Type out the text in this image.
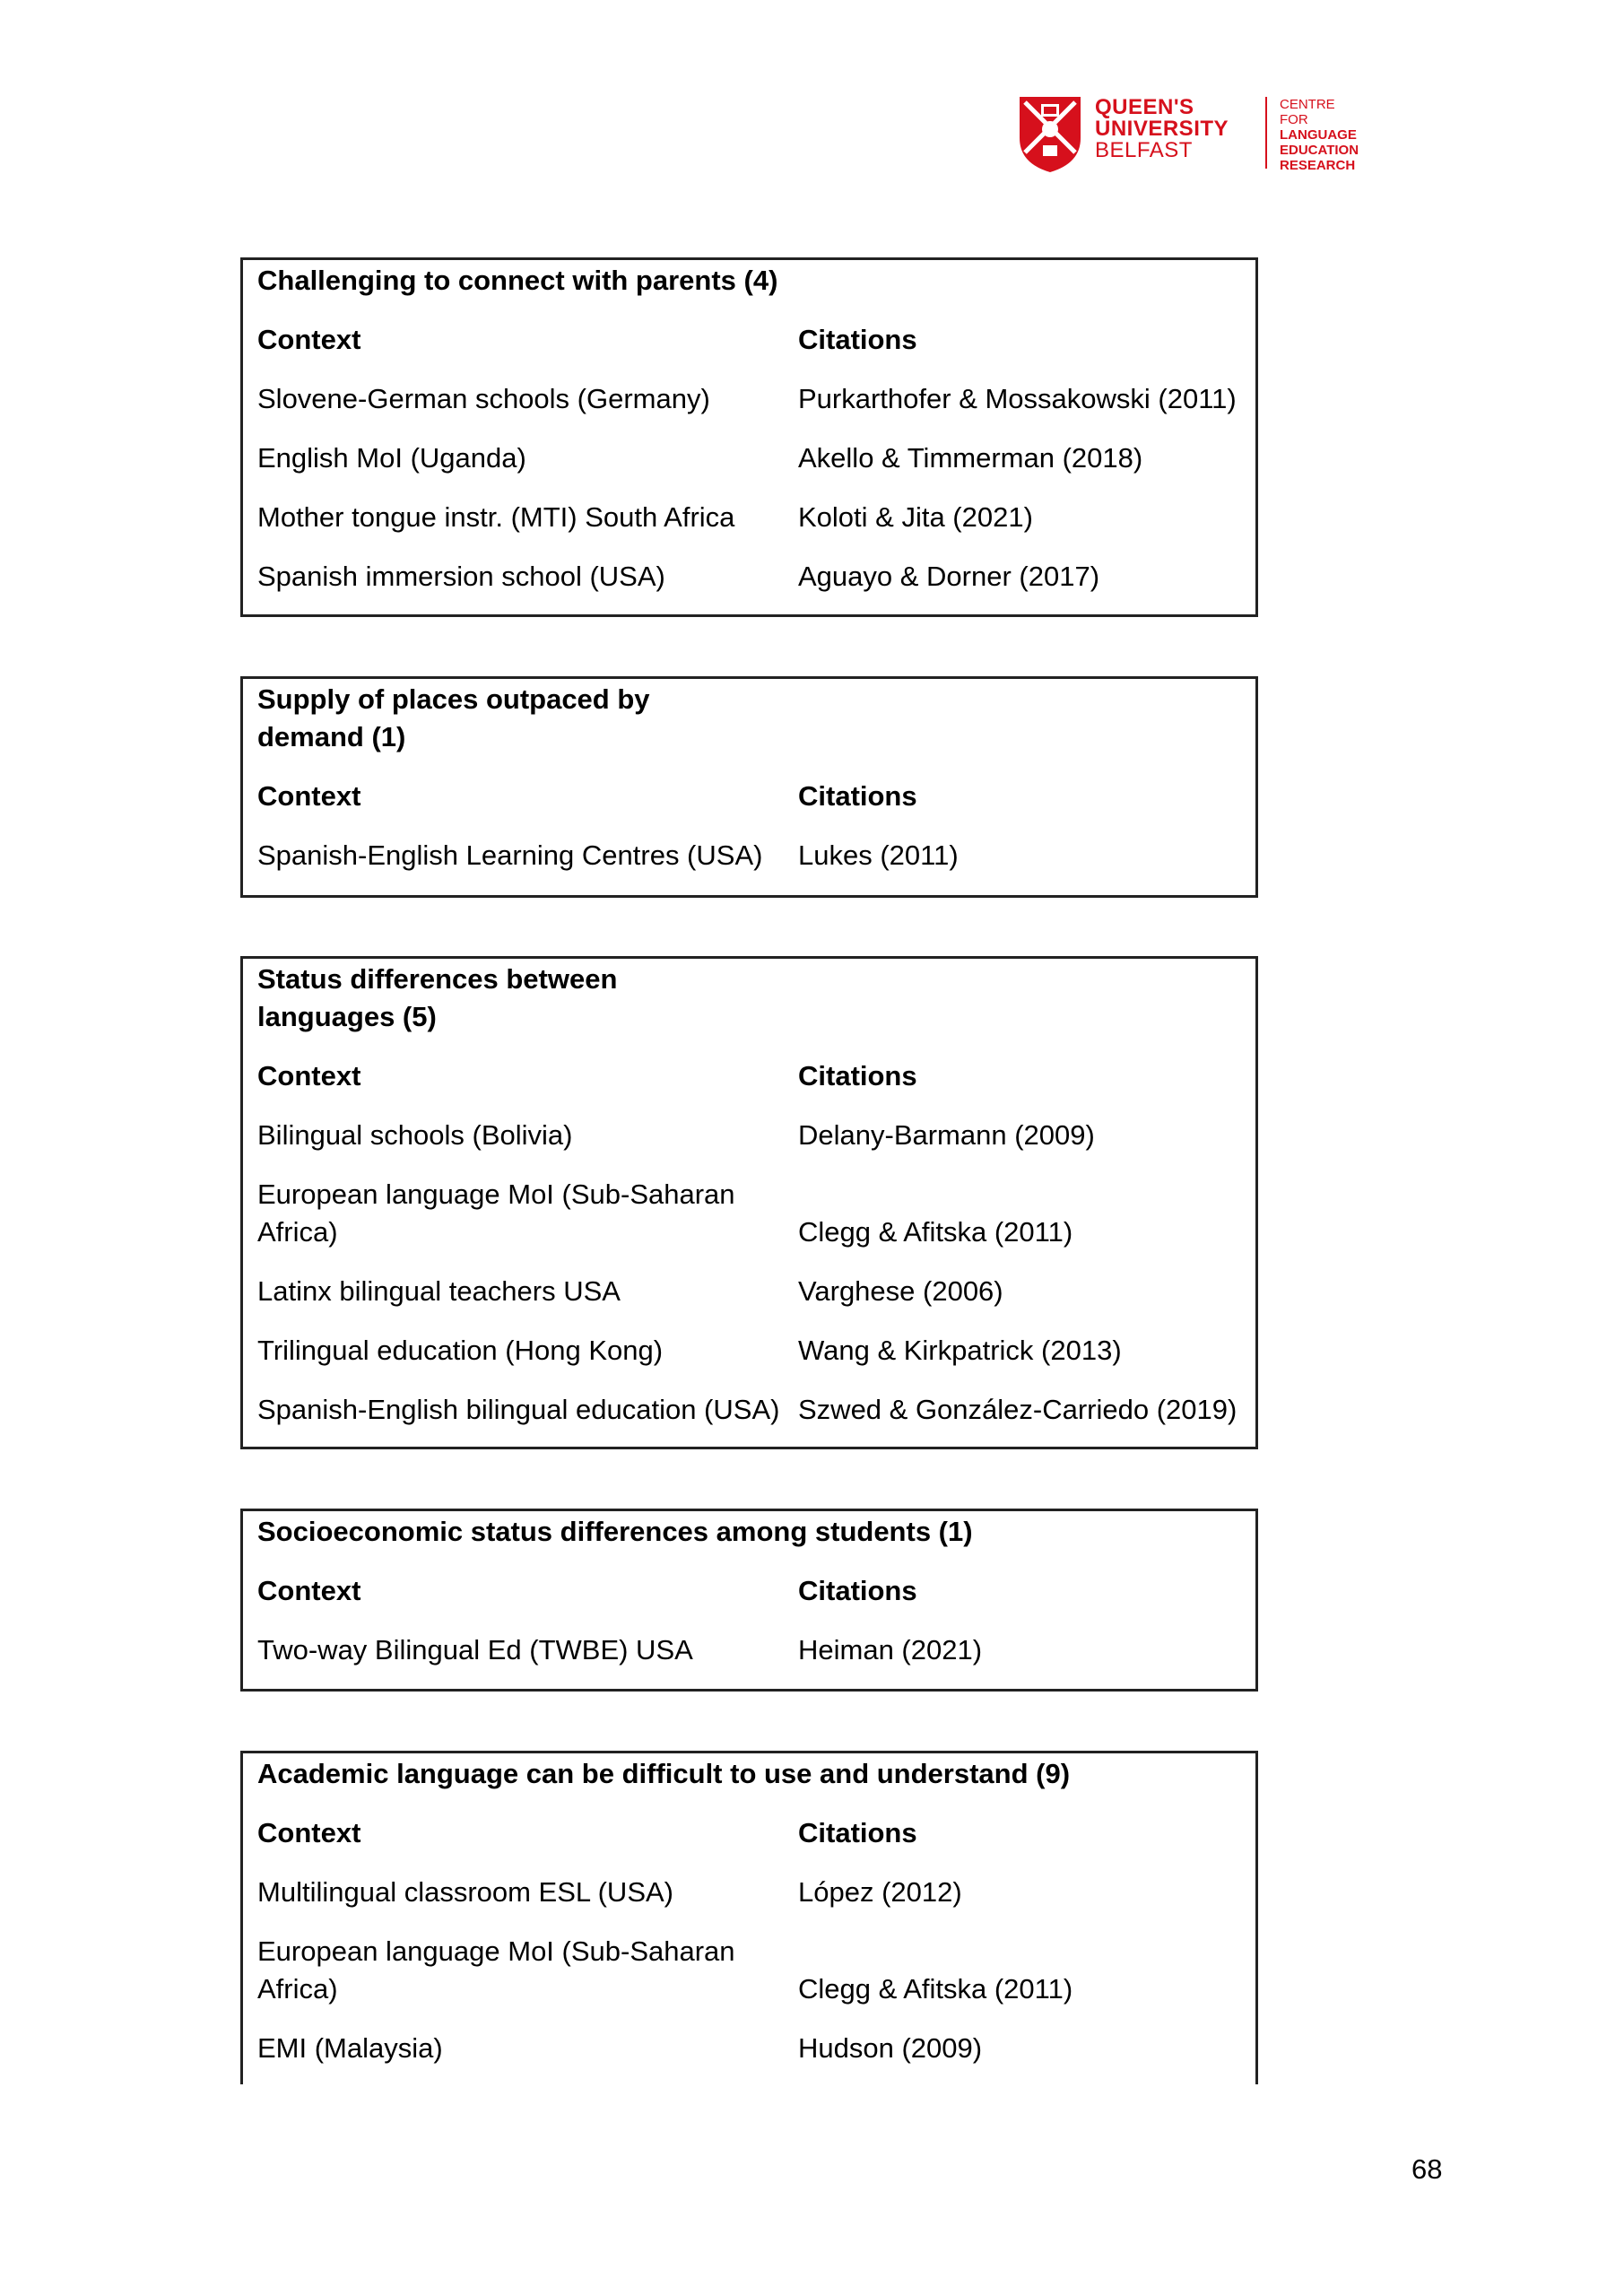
QUEEN'S
UNIVERSITY
BELFAST
CENTRE FOR
LANGUAGE
EDUCATION
RESEARCH
Challenging to connect with parents (4)
Context	Citations
Slovene-German schools (Germany)	Purkarthofer & Mossakowski (2011)
English MoI (Uganda)	Akello & Timmerman (2018)
Mother tongue instr. (MTI) South Africa	Koloti & Jita (2021)
Spanish immersion school (USA)	Aguayo & Dorner (2017)
Supply of places outpaced by demand (1)
Context	Citations
Spanish-English Learning Centres (USA)	Lukes (2011)
Status differences between languages (5)
Context	Citations
Bilingual schools (Bolivia)	Delany-Barmann (2009)
European language MoI (Sub-Saharan Africa)	Clegg & Afitska (2011)
Latinx bilingual teachers USA	Varghese (2006)
Trilingual education (Hong Kong)	Wang & Kirkpatrick (2013)
Spanish-English bilingual education (USA) Szwed & González-Carriedo (2019)
Socioeconomic status differences among students (1)
Context	Citations
Two-way Bilingual Ed (TWBE) USA	Heiman (2021)
Academic language can be difficult to use and understand (9)
Context	Citations
Multilingual classroom ESL (USA)	López (2012)
European language MoI (Sub-Saharan Africa)	Clegg & Afitska (2011)
EMI (Malaysia)	Hudson (2009)
68
